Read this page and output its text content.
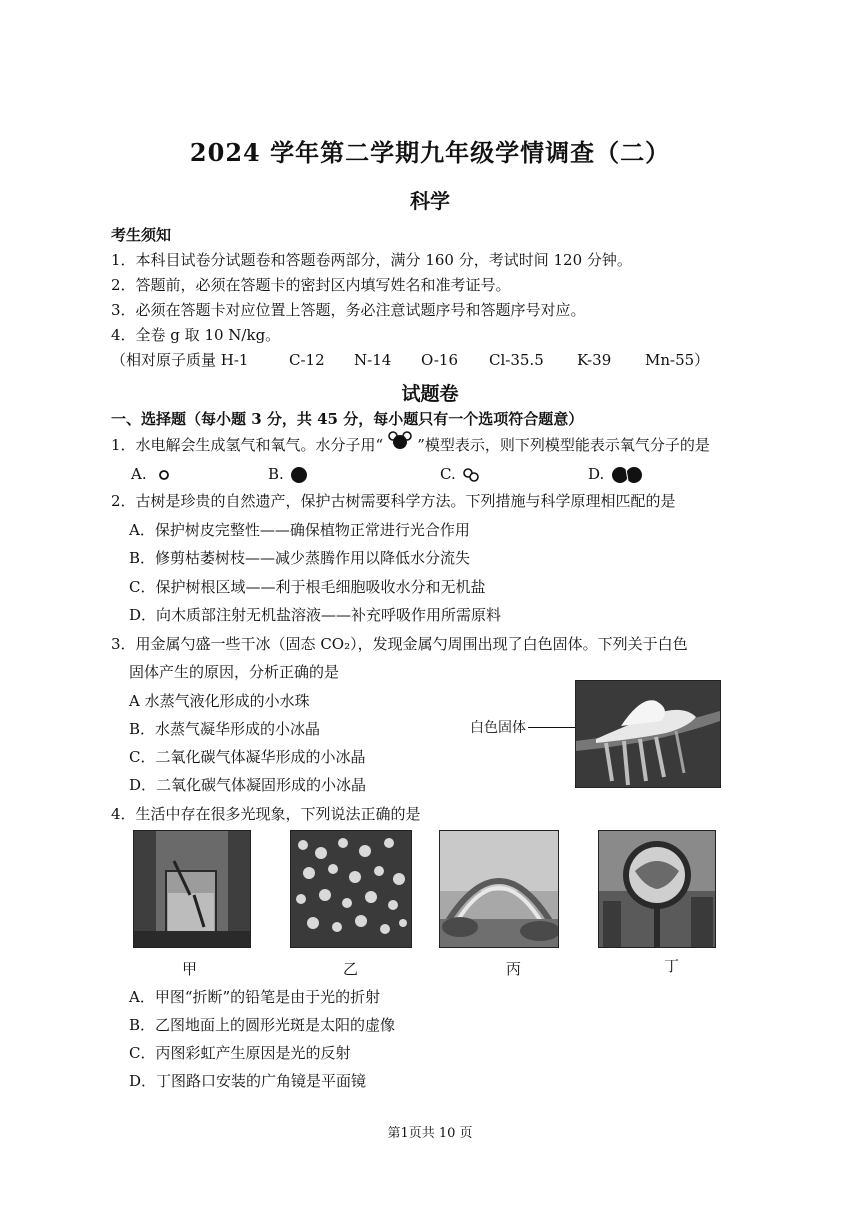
2024 学年第二学期九年级学情调查（二）
科学
考生须知
1．本科目试卷分试题卷和答题卷两部分，满分 160 分，考试时间 120 分钟。
2．答题前，必须在答题卡的密封区内填写姓名和准考证号。
3．必须在答题卡对应位置上答题，务必注意试题序号和答题序号对应。
4．全卷 g 取 10 N/kg。
（相对原子质量 H-1	C-12 N-14 O-16 Cl-35.5 K-39 Mn-55）
试题卷
一、选择题（每小题 3 分，共 45 分，每小题只有一个选项符合题意）
1．水电解会生成氢气和氧气。水分子用“ ”模型表示，则下列模型能表示氧气分子的是
A.	B.	C.	D.
2．古树是珍贵的自然遗产，保护古树需要科学方法。下列措施与科学原理相匹配的是
A．保护树皮完整性——确保植物正常进行光合作用
B．修剪枯萎树枝——减少蒸腾作用以降低水分流失
C．保护树根区域——利于根毛细胞吸收水分和无机盐
D．向木质部注射无机盐溶液——补充呼吸作用所需原料
3．用金属勺盛一些干冰（固态 CO₂），发现金属勺周围出现了白色固体。下列关于白色
固体产生的原因，分析正确的是
A 水蒸气液化形成的小水珠
B．水蒸气凝华形成的小冰晶
C．二氧化碳气体凝华形成的小冰晶
D．二氧化碳气体凝固形成的小冰晶
白色固体
4．生活中存在很多光现象，下列说法正确的是
甲	乙	丙	丁
A．甲图“折断”的铅笔是由于光的折射
B．乙图地面上的圆形光斑是太阳的虚像
C．丙图彩虹产生原因是光的反射
D．丁图路口安装的广角镜是平面镜
第1页共 10 页
